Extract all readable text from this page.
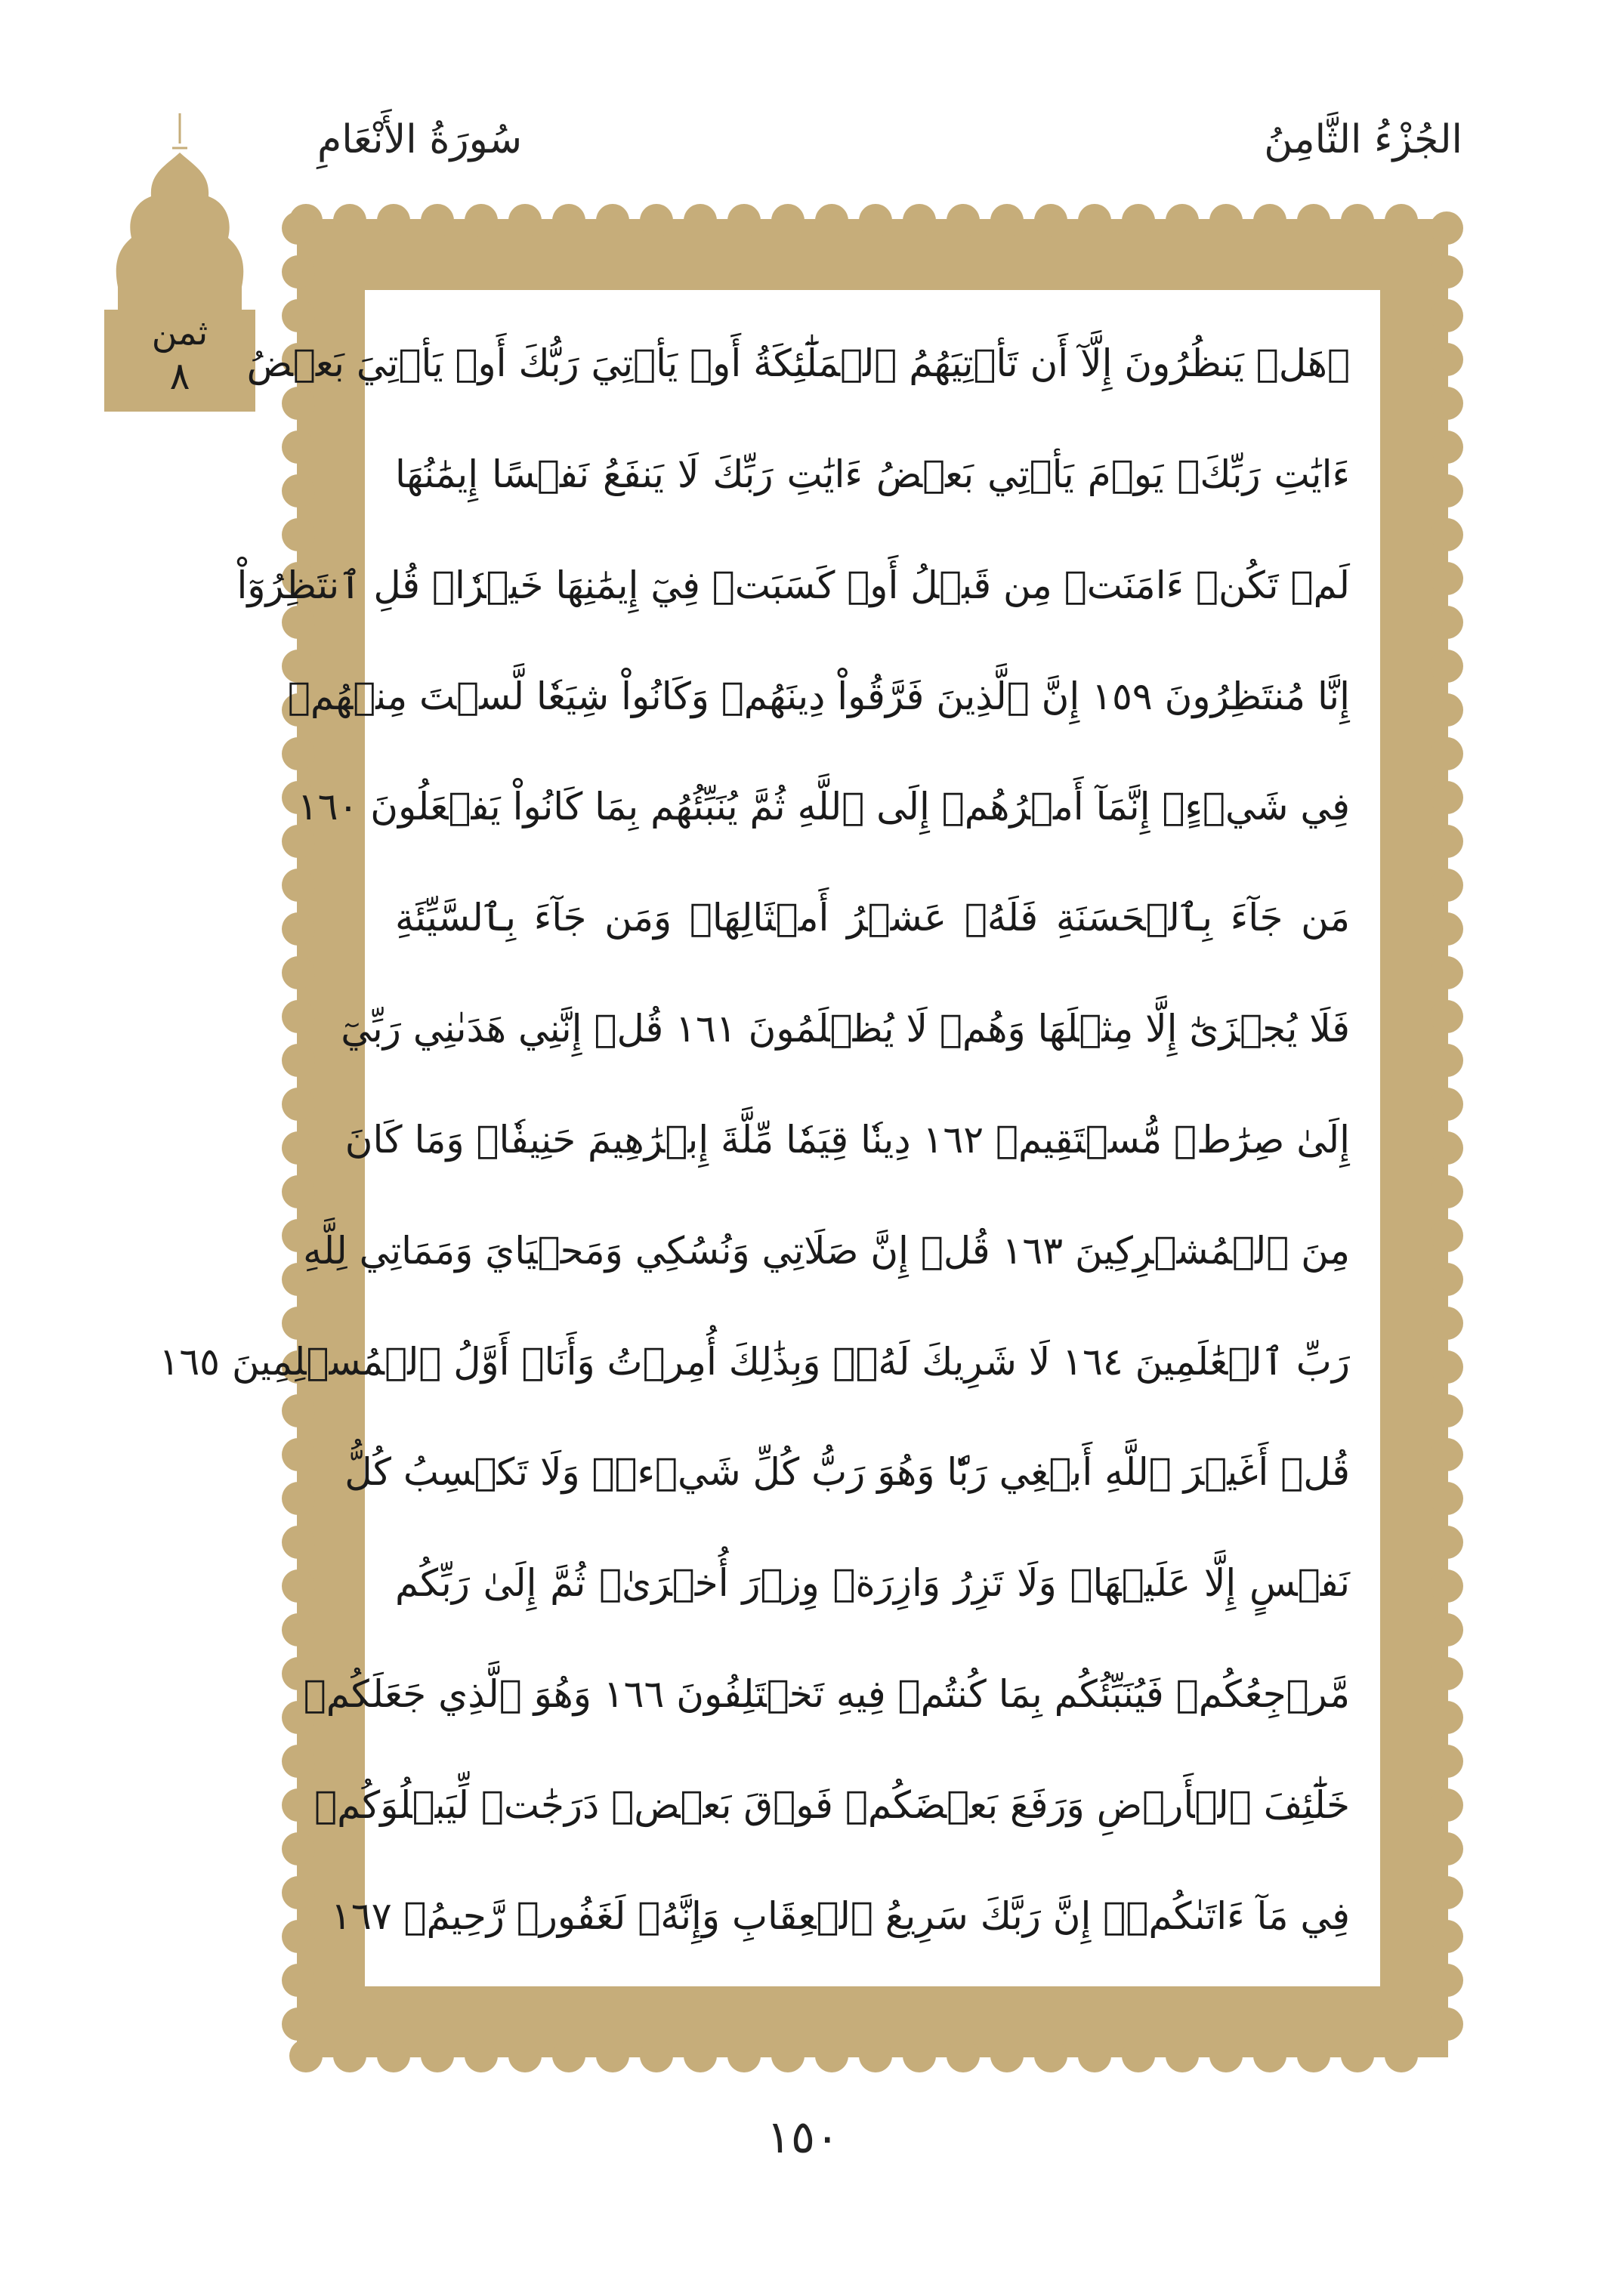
الجُزْءُ الثَّامِنُ
سُورَةُ الأَنْعَامِ
ثمن
٨	۞هَلۡ يَنظُرُونَ إِلَّآ أَن تَأۡتِيَهُمُ ٱلۡمَلَٰٓئِكَةُ أَوۡ يَأۡتِيَ رَبُّكَ أَوۡ يَأۡتِيَ بَعۡضُ
ءَايَٰتِ رَبِّكَۗ يَوۡمَ يَأۡتِي بَعۡضُ ءَايَٰتِ رَبِّكَ لَا يَنفَعُ نَفۡسًا إِيمَٰنُهَا
لَمۡ تَكُنۡ ءَامَنَتۡ مِن قَبۡلُ أَوۡ كَسَبَتۡ فِيٓ إِيمَٰنِهَا خَيۡرٗاۗ قُلِ ٱنتَظِرُوٓاْ
إِنَّا مُنتَظِرُونَ ١٥٩ إِنَّ ٱلَّذِينَ فَرَّقُواْ دِينَهُمۡ وَكَانُواْ شِيَعٗا لَّسۡتَ مِنۡهُمۡ
فِي شَيۡءٍۚ إِنَّمَآ أَمۡرُهُمۡ إِلَى ٱللَّهِ ثُمَّ يُنَبِّئُهُم بِمَا كَانُواْ يَفۡعَلُونَ ١٦٠
مَن جَآءَ بِٱلۡحَسَنَةِ فَلَهُۥ عَشۡرُ أَمۡثَالِهَاۖ وَمَن جَآءَ بِٱلسَّيِّئَةِ
فَلَا يُجۡزَىٰٓ إِلَّا مِثۡلَهَا وَهُمۡ لَا يُظۡلَمُونَ ١٦١ قُلۡ إِنَّنِي هَدَىٰنِي رَبِّيٓ
إِلَىٰ صِرَٰطٖ مُّسۡتَقِيمٖ ١٦٢ دِينٗا قِيَمٗا مِّلَّةَ إِبۡرَٰهِيمَ حَنِيفٗاۚ وَمَا كَانَ
مِنَ ٱلۡمُشۡرِكِينَ ١٦٣ قُلۡ إِنَّ صَلَاتِي وَنُسُكِي وَمَحۡيَايَ وَمَمَاتِي لِلَّهِ
رَبِّ ٱلۡعَٰلَمِينَ ١٦٤ لَا شَرِيكَ لَهُۥۖ وَبِذَٰلِكَ أُمِرۡتُ وَأَنَا۠ أَوَّلُ ٱلۡمُسۡلِمِينَ ١٦٥
قُلۡ أَغَيۡرَ ٱللَّهِ أَبۡغِي رَبّٗا وَهُوَ رَبُّ كُلِّ شَيۡءٖۚ وَلَا تَكۡسِبُ كُلُّ
نَفۡسٍ إِلَّا عَلَيۡهَاۚ وَلَا تَزِرُ وَازِرَةٞ وِزۡرَ أُخۡرَىٰۚ ثُمَّ إِلَىٰ رَبِّكُم
مَّرۡجِعُكُمۡ فَيُنَبِّئُكُم بِمَا كُنتُمۡ فِيهِ تَخۡتَلِفُونَ ١٦٦ وَهُوَ ٱلَّذِي جَعَلَكُمۡ
خَلَٰٓئِفَ ٱلۡأَرۡضِ وَرَفَعَ بَعۡضَكُمۡ فَوۡقَ بَعۡضٖ دَرَجَٰتٖ لِّيَبۡلُوَكُمۡ
فِي مَآ ءَاتَىٰكُمۡۗ إِنَّ رَبَّكَ سَرِيعُ ٱلۡعِقَابِ وَإِنَّهُۥ لَغَفُورٞ رَّحِيمُۢ ١٦٧
١٥٠
